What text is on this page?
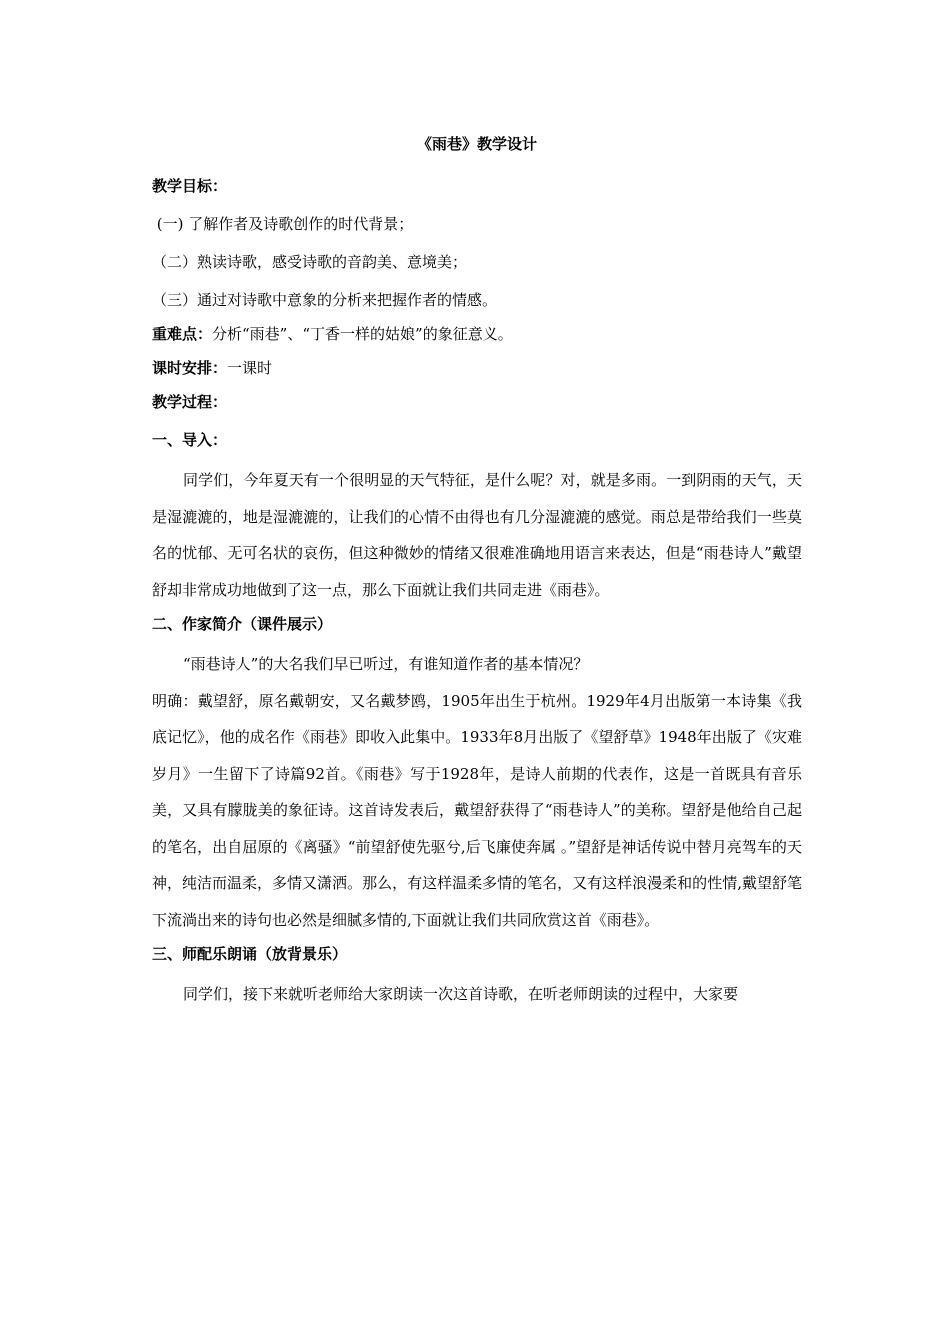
《雨巷》教学设计
教学目标：
(一) 了解作者及诗歌创作的时代背景；
（二）熟读诗歌，感受诗歌的音韵美、意境美；
（三）通过对诗歌中意象的分析来把握作者的情感。
重难点：分析“雨巷”、“丁香一样的姑娘”的象征意义。
课时安排：一课时
教学过程：
一、导入：
同学们，今年夏天有一个很明显的天气特征，是什么呢？对，就是多雨。一到阴雨的天气，天是湿漉漉的，地是湿漉漉的，让我们的心情不由得也有几分湿漉漉的感觉。雨总是带给我们一些莫名的忧郁、无可名状的哀伤，但这种微妙的情绪又很难准确地用语言来表达，但是“雨巷诗人”戴望舒却非常成功地做到了这一点，那么下面就让我们共同走进《雨巷》。
二、作家简介（课件展示）
“雨巷诗人”的大名我们早已听过，有谁知道作者的基本情况？
明确：戴望舒，原名戴朝安，又名戴梦鸥，1905年出生于杭州。1929年4月出版第一本诗集《我底记忆》，他的成名作《雨巷》即收入此集中。1933年8月出版了《望舒草》1948年出版了《灾难岁月》一生留下了诗篇92首。《雨巷》写于1928年，是诗人前期的代表作，这是一首既具有音乐美，又具有朦胧美的象征诗。这首诗发表后，戴望舒获得了“雨巷诗人”的美称。望舒是他给自己起的笔名，出自屈原的《离骚》“前望舒使先驱兮,后飞廉使奔属 。”望舒是神话传说中替月亮驾车的天神，纯洁而温柔，多情又潇洒。那么，有这样温柔多情的笔名，又有这样浪漫柔和的性情,戴望舒笔下流淌出来的诗句也必然是细腻多情的,下面就让我们共同欣赏这首《雨巷》。
三、师配乐朗诵（放背景乐）
同学们，接下来就听老师给大家朗读一次这首诗歌，在听老师朗读的过程中，大家要
